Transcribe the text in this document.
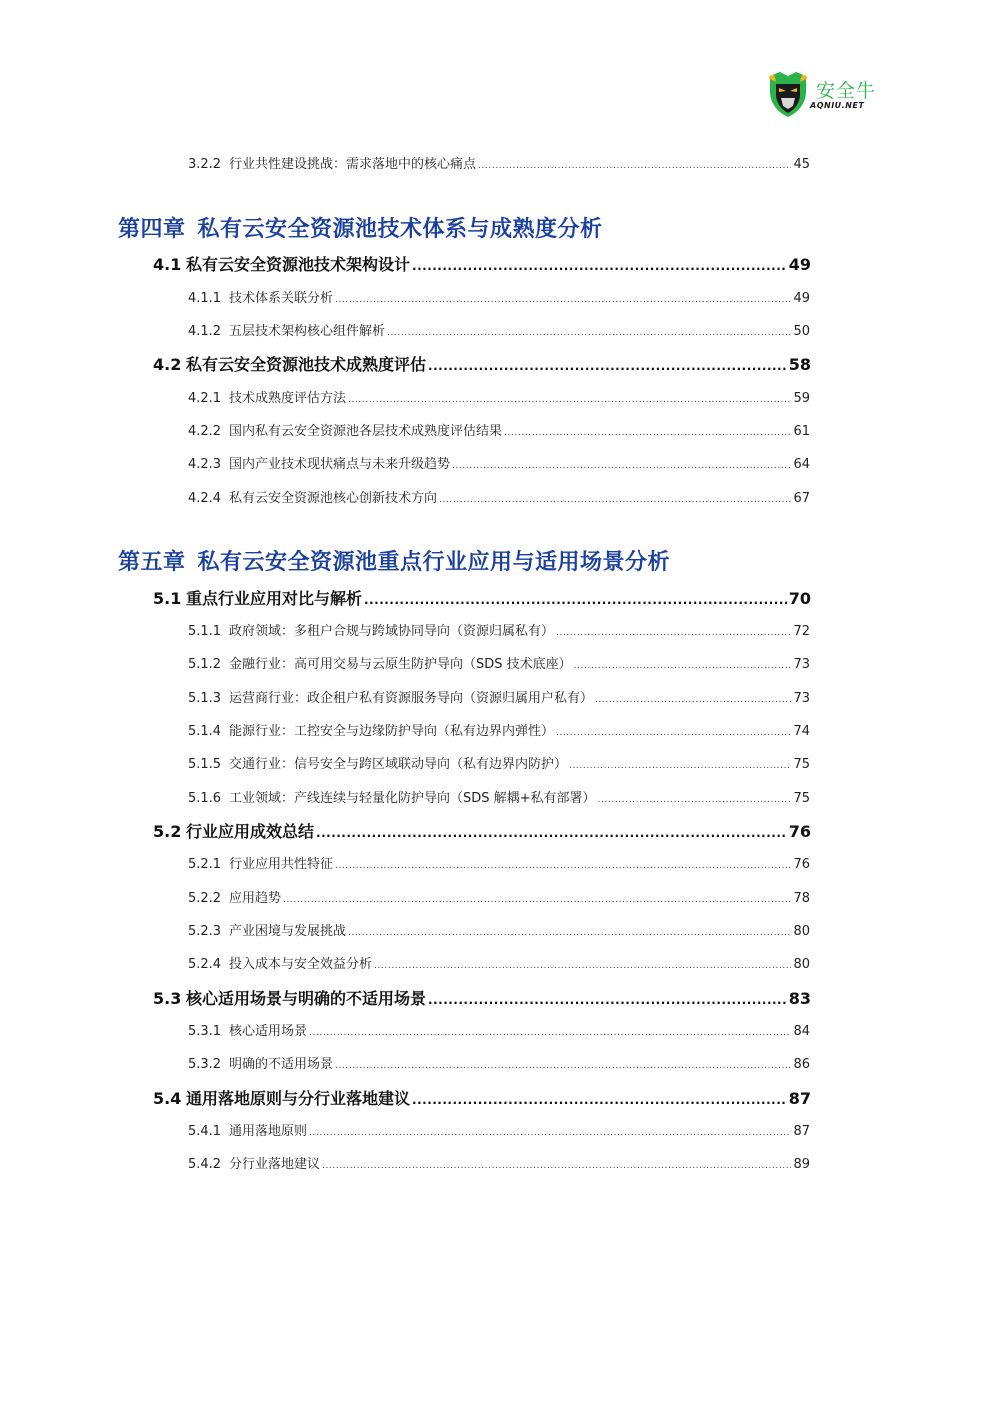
安全牛
AQNIU.NET
3.2.2 行业共性建设挑战：需求落地中的核心痛点 .....	45
第四章 私有云安全资源池技术体系与成熟度分析
4.1 私有云安全资源池技术架构设计 .....	49
4.1.1 技术体系关联分析 .....	49
4.1.2 五层技术架构核心组件解析 .....	50
4.2 私有云安全资源池技术成熟度评估 .....	58
4.2.1 技术成熟度评估方法 .....	59
4.2.2 国内私有云安全资源池各层技术成熟度评估结果 .....	61
4.2.3 国内产业技术现状痛点与未来升级趋势 .....	64
4.2.4 私有云安全资源池核心创新技术方向 .....	67
第五章 私有云安全资源池重点行业应用与适用场景分析
5.1 重点行业应用对比与解析 .....	70
5.1.1 政府领域：多租户合规与跨域协同导向（资源归属私有） .....	72
5.1.2 金融行业：高可用交易与云原生防护导向（SDS 技术底座） .....	73
5.1.3 运营商行业：政企租户私有资源服务导向（资源归属用户私有） .....	73
5.1.4 能源行业：工控安全与边缘防护导向（私有边界内弹性） .....	74
5.1.5 交通行业：信号安全与跨区域联动导向（私有边界内防护） .....	75
5.1.6 工业领域：产线连续与轻量化防护导向（SDS 解耦+私有部署） .....	75
5.2 行业应用成效总结 .....	76
5.2.1 行业应用共性特征 .....	76
5.2.2 应用趋势 .....	78
5.2.3 产业困境与发展挑战 .....	80
5.2.4 投入成本与安全效益分析 .....	80
5.3 核心适用场景与明确的不适用场景 .....	83
5.3.1 核心适用场景 .....	84
5.3.2 明确的不适用场景 .....	86
5.4 通用落地原则与分行业落地建议 .....	87
5.4.1 通用落地原则 .....	87
5.4.2 分行业落地建议 .....	89
